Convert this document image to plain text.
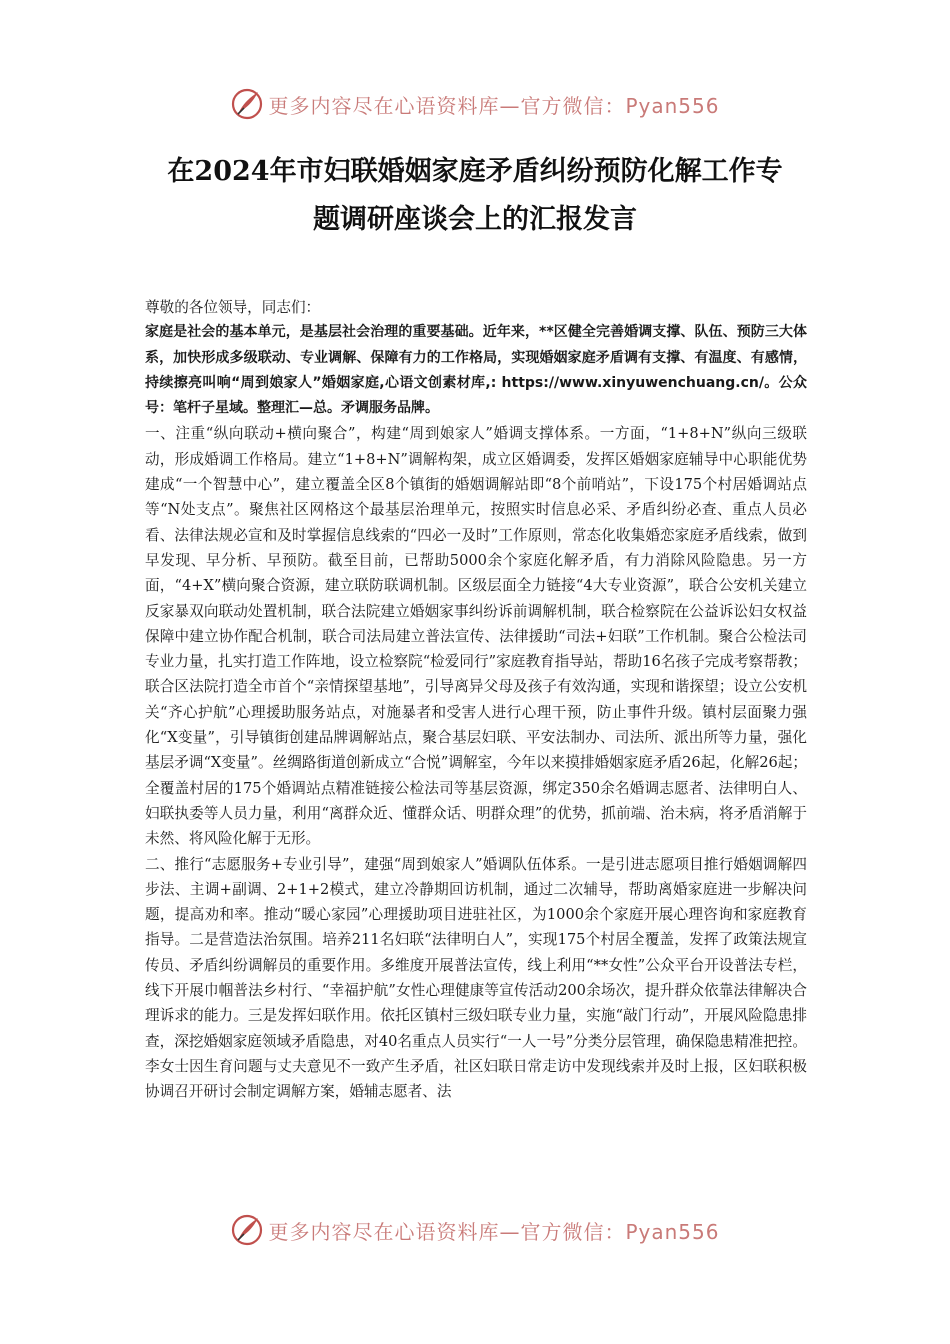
更多内容尽在心语资料库—官方微信：Pyan556
在2024年市妇联婚姻家庭矛盾纠纷预防化解工作专
题调研座谈会上的汇报发言

尊敬的各位领导，同志们：

家庭是社会的基本单元，是基层社会治理的重要基础。近年来，**区健全完善婚调支撑、队伍、预防三大体系，加快形成多级联动、专业调解、保障有力的工作格局，实现婚姻家庭矛盾调有支撑、有温度、有感情，持续擦亮叫响“周到娘家人”婚姻家庭,心语文创素材库,: https://www.xinyuwenchuang.cn/。公众号：笔杆子星域。整理汇—总。矛调服务品牌。

一、注重“纵向联动+横向聚合”，构建“周到娘家人”婚调支撑体系。一方面，“1+8+N”纵向三级联动，形成婚调工作格局。建立“1+8+N”调解构架，成立区婚调委，发挥区婚姻家庭辅导中心职能优势建成“一个智慧中心”，建立覆盖全区8个镇街的婚姻调解站即“8个前哨站”，下设175个村居婚调站点等“N处支点”。聚焦社区网格这个最基层治理单元，按照实时信息必采、矛盾纠纷必查、重点人员必看、法律法规必宣和及时掌握信息线索的“四必一及时”工作原则，常态化收集婚恋家庭矛盾线索，做到早发现、早分析、早预防。截至目前，已帮助5000余个家庭化解矛盾，有力消除风险隐患。另一方面，“4+X”横向聚合资源，建立联防联调机制。区级层面全力链接“4大专业资源”，联合公安机关建立反家暴双向联动处置机制，联合法院建立婚姻家事纠纷诉前调解机制，联合检察院在公益诉讼妇女权益保障中建立协作配合机制，联合司法局建立普法宣传、法律援助“司法+妇联”工作机制。聚合公检法司专业力量，扎实打造工作阵地，设立检察院“检爱同行”家庭教育指导站，帮助16名孩子完成考察帮教；联合区法院打造全市首个“亲情探望基地”，引导离异父母及孩子有效沟通，实现和谐探望；设立公安机关“齐心护航”心理援助服务站点，对施暴者和受害人进行心理干预，防止事件升级。镇村层面聚力强化“X变量”，引导镇街创建品牌调解站点，聚合基层妇联、平安法制办、司法所、派出所等力量，强化基层矛调“X变量”。丝绸路街道创新成立“合悦”调解室，今年以来摸排婚姻家庭矛盾26起，化解26起；全覆盖村居的175个婚调站点精准链接公检法司等基层资源，绑定350余名婚调志愿者、法律明白人、妇联执委等人员力量，利用“离群众近、懂群众话、明群众理”的优势，抓前端、治未病，将矛盾消解于未然、将风险化解于无形。

二、推行“志愿服务+专业引导”，建强“周到娘家人”婚调队伍体系。一是引进志愿项目推行婚姻调解四步法、主调+副调、2+1+2模式，建立冷静期回访机制，通过二次辅导，帮助离婚家庭进一步解决问题，提高劝和率。推动“暖心家园”心理援助项目进驻社区，为1000余个家庭开展心理咨询和家庭教育指导。二是营造法治氛围。培养211名妇联“法律明白人”，实现175个村居全覆盖，发挥了政策法规宣传员、矛盾纠纷调解员的重要作用。多维度开展普法宣传，线上利用“**女性”公众平台开设普法专栏，线下开展巾帼普法乡村行、“幸福护航”女性心理健康等宣传活动200余场次，提升群众依靠法律解决合理诉求的能力。三是发挥妇联作用。依托区镇村三级妇联专业力量，实施“敲门行动”，开展风险隐患排查，深挖婚姻家庭领域矛盾隐患，对40名重点人员实行“一人一号”分类分层管理，确保隐患精准把控。李女士因生育问题与丈夫意见不一致产生矛盾，社区妇联日常走访中发现线索并及时上报，区妇联积极协调召开研讨会制定调解方案，婚辅志愿者、法

更多内容尽在心语资料库—官方微信：Pyan556
